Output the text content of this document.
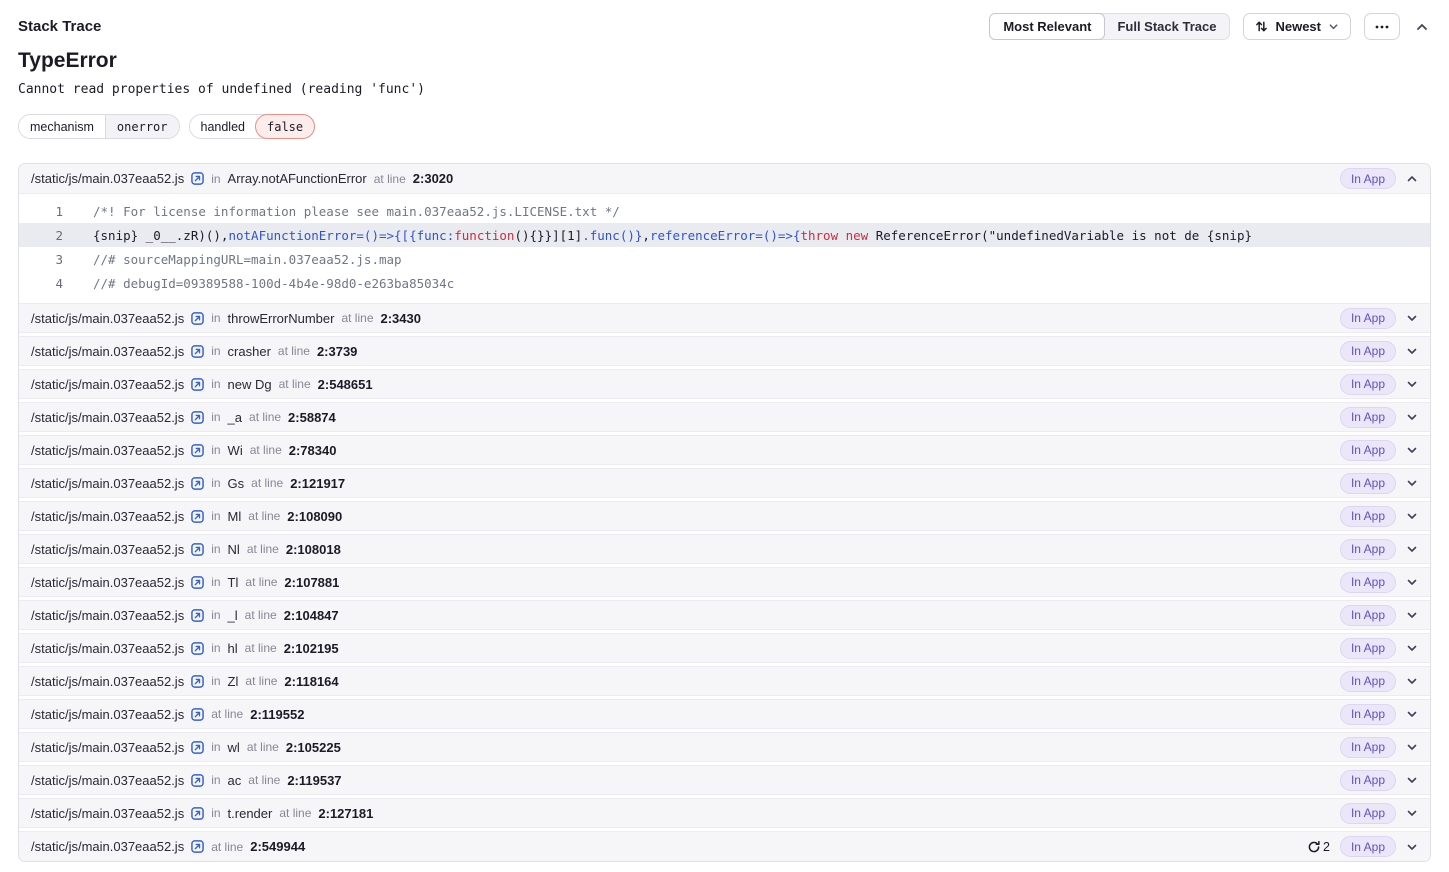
Stack Trace	Most Relevant	Full Stack Trace	Newest
TypeError
Cannot read properties of undefined (reading 'func')
mechanism	onerror	handled	false
/static/js/main.037eaa52.js in Array.notAFunctionError at line 2:3020	In App
1	/*! For license information please see main.037eaa52.js.LICENSE.txt */
2	{snip} _0__.zR)(),notAFunctionError=()=>{[{func:function(){}}][1].func()},referenceError=()=>{throw new ReferenceError("undefinedVariable is not de {snip}
3	//# sourceMappingURL=main.037eaa52.js.map
4	//# debugId=09389588-100d-4b4e-98d0-e263ba85034c
/static/js/main.037eaa52.js in throwErrorNumber at line 2:3430	In App
/static/js/main.037eaa52.js in crasher at line 2:3739	In App
/static/js/main.037eaa52.js in new Dg at line 2:548651	In App
/static/js/main.037eaa52.js in _a at line 2:58874	In App
/static/js/main.037eaa52.js in Wi at line 2:78340	In App
/static/js/main.037eaa52.js in Gs at line 2:121917	In App
/static/js/main.037eaa52.js in Ml at line 2:108090	In App
/static/js/main.037eaa52.js in Nl at line 2:108018	In App
/static/js/main.037eaa52.js in Tl at line 2:107881	In App
/static/js/main.037eaa52.js in _l at line 2:104847	In App
/static/js/main.037eaa52.js in hl at line 2:102195	In App
/static/js/main.037eaa52.js in Zl at line 2:118164	In App
/static/js/main.037eaa52.js at line 2:119552	In App
/static/js/main.037eaa52.js in wl at line 2:105225	In App
/static/js/main.037eaa52.js in ac at line 2:119537	In App
/static/js/main.037eaa52.js in t.render at line 2:127181	In App
/static/js/main.037eaa52.js at line 2:549944	2	In App
